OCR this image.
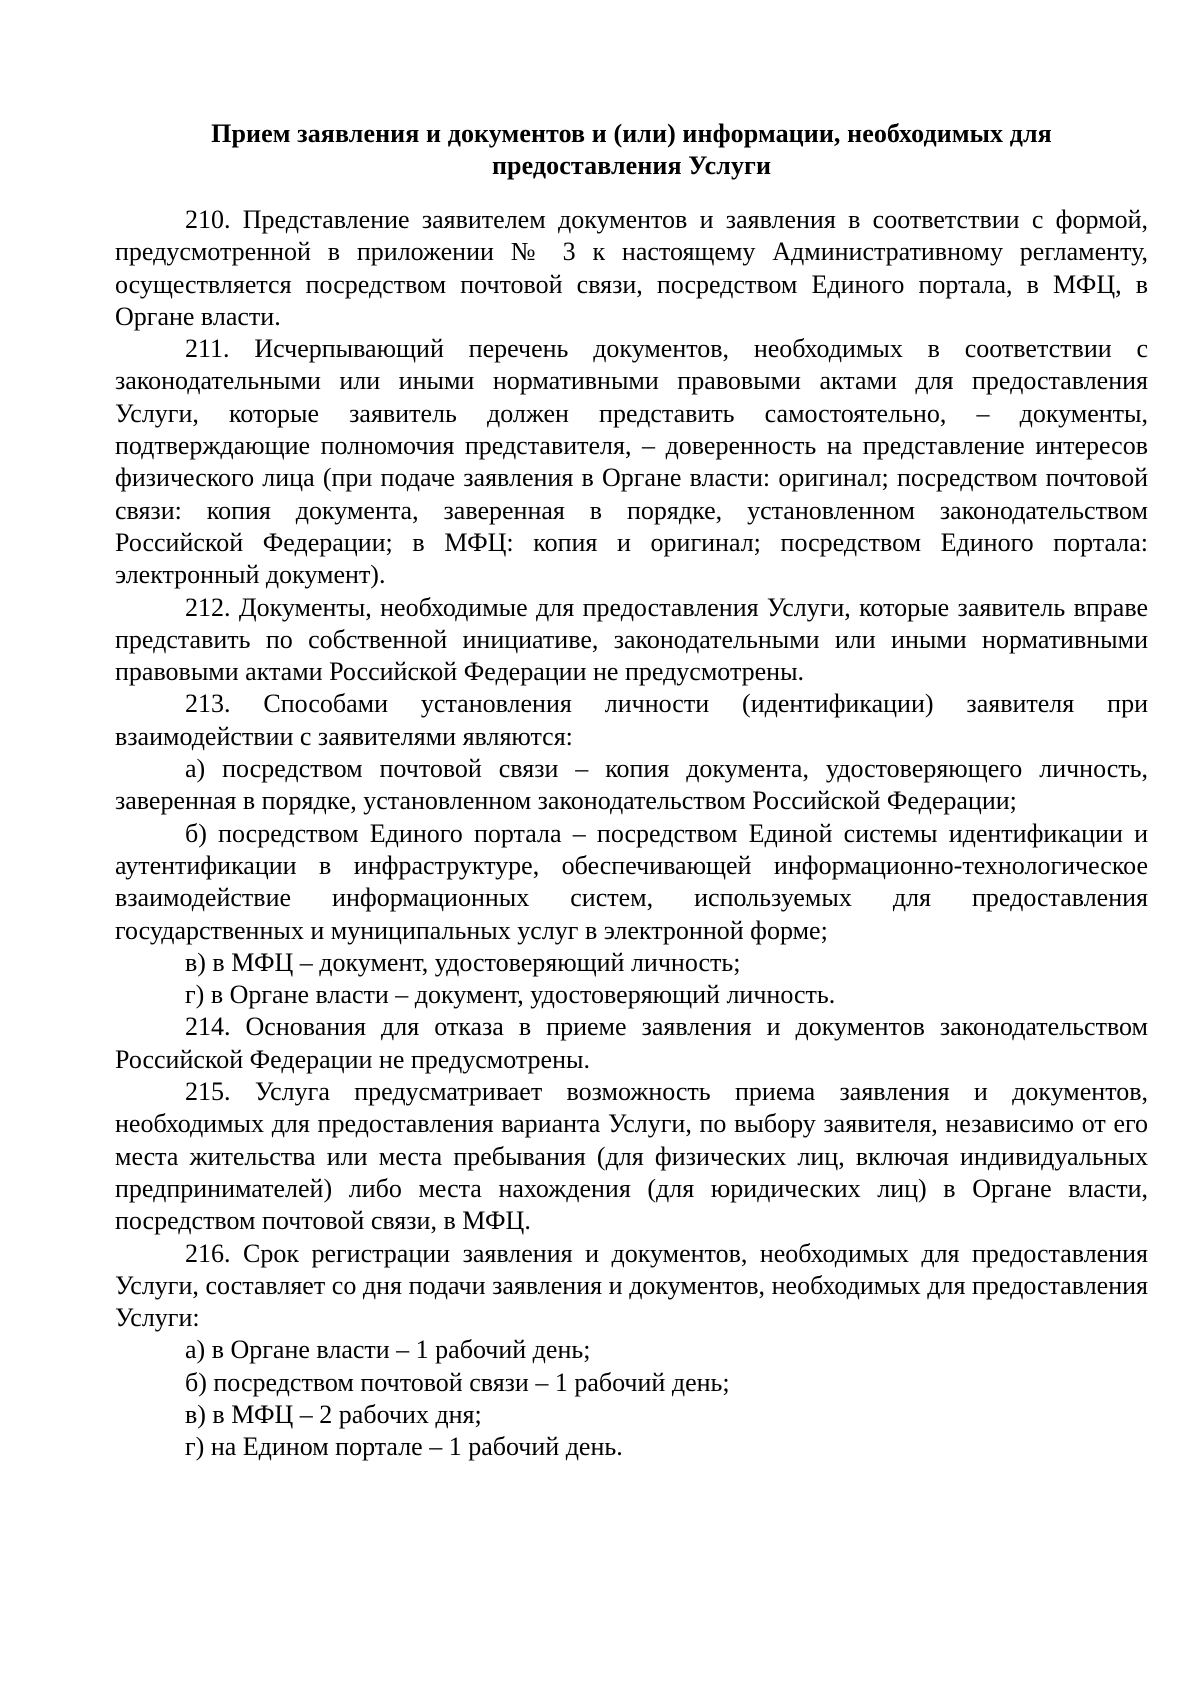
Прием заявления и документов и (или) информации, необходимых для
предоставления Услуги

210. Представление заявителем документов и заявления в соответствии с формой, предусмотренной в приложении № 3 к настоящему Административному регламенту, осуществляется посредством почтовой связи, посредством Единого портала, в МФЦ, в Органе власти.

211. Исчерпывающий перечень документов, необходимых в соответствии с законодательными или иными нормативными правовыми актами для предоставления Услуги, которые заявитель должен представить самостоятельно, – документы, подтверждающие полномочия представителя, – доверенность на представление интересов физического лица (при подаче заявления в Органе власти: оригинал; посредством почтовой связи: копия документа, заверенная в порядке, установленном законодательством Российской Федерации; в МФЦ: копия и оригинал; посредством Единого портала: электронный документ).

212. Документы, необходимые для предоставления Услуги, которые заявитель вправе представить по собственной инициативе, законодательными или иными нормативными правовыми актами Российской Федерации не предусмотрены.

213. Способами установления личности (идентификации) заявителя при взаимодействии с заявителями являются:

а) посредством почтовой связи – копия документа, удостоверяющего личность, заверенная в порядке, установленном законодательством Российской Федерации;

б) посредством Единого портала – посредством Единой системы идентификации и аутентификации в инфраструктуре, обеспечивающей информационно-технологическое взаимодействие информационных систем, используемых для предоставления государственных и муниципальных услуг в электронной форме;

в) в МФЦ – документ, удостоверяющий личность;

г) в Органе власти – документ, удостоверяющий личность.

214. Основания для отказа в приеме заявления и документов законодательством Российской Федерации не предусмотрены.

215. Услуга предусматривает возможность приема заявления и документов, необходимых для предоставления варианта Услуги, по выбору заявителя, независимо от его места жительства или места пребывания (для физических лиц, включая индивидуальных предпринимателей) либо места нахождения (для юридических лиц) в Органе власти, посредством почтовой связи, в МФЦ.

216. Срок регистрации заявления и документов, необходимых для предоставления Услуги, составляет со дня подачи заявления и документов, необходимых для предоставления Услуги:

а) в Органе власти – 1 рабочий день;

б) посредством почтовой связи – 1 рабочий день;

в) в МФЦ – 2 рабочих дня;

г) на Едином портале – 1 рабочий день.
